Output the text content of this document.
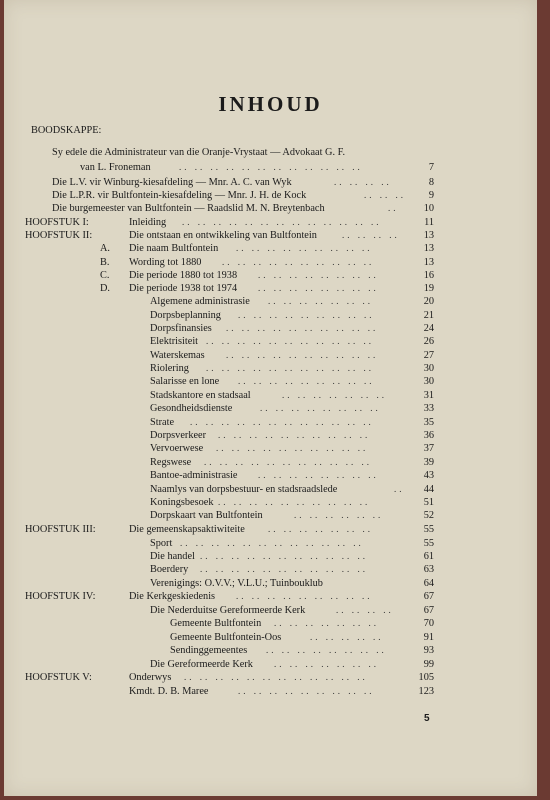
INHOUD
BOODSKAPPE:
Sy edele die Administrateur van die Oranje-Vrystaat — Advokaat G. F.
van L. Froneman	.. .. .. .. .. .. .. .. .. .. .. ..	7
Die L.V. vir Winburg-kiesafdeling — Mnr. A. C. van Wyk	.. .. .. ..	8
Die L.P.R. vir Bultfontein-kiesafdeling — Mnr. J. H. de Kock	.. .. ..	9
Die burgemeester van Bultfontein — Raadslid M. N. Breytenbach	..	10
HOOFSTUK I:	Inleiding .. .. .. .. .. .. .. .. .. .. .. .. ..	11
HOOFSTUK II:	Die ontstaan en ontwikkeling van Bultfontein	.. .. .. ..	13
A. Die naam Bultfontein .. .. .. .. .. .. .. .. ..	13
B. Wording tot 1880 .. .. .. .. .. .. .. .. .. ..	13
C. Die periode 1880 tot 1938 .. .. .. .. .. .. .. ..	16
D. Die periode 1938 tot 1974 .. .. .. .. .. .. .. ..	19
Algemene administrasie .. .. .. .. .. .. ..	20
Dorpsbeplanning .. .. .. .. .. .. .. .. ..	21
Dorpsfinansies .. .. .. .. .. .. .. .. .. ..	24
Elektrisiteit .. .. .. .. .. .. .. .. .. .. ..	26
Waterskemas .. .. .. .. .. .. .. .. .. ..	27
Riolering .. .. .. .. .. .. .. .. .. .. ..	30
Salarisse en lone .. .. .. .. .. .. .. .. ..	30
Stadskantore en stadsaal	.. .. .. .. .. .. ..	31
Gesondheidsdienste	.. .. .. .. .. .. .. ..	33
Strate .. .. .. .. .. .. .. .. .. .. .. ..	35
Dorpsverkeer .. .. .. .. .. .. .. .. .. ..	36
Vervoerwese .. .. .. .. .. .. .. .. .. ..	37
Regswese .. .. .. .. .. .. .. .. .. .. ..	39
Bantoe-administrasie .. .. .. .. .. .. .. ..	43
Naamlys van dorpsbestuur- en stadsraadslede	..	44
Koningsbesoek .. .. .. .. .. .. .. .. .. ..	51
Dorpskaart van Bultfontein	.. .. .. .. .. ..	52
HOOFSTUK III:	Die gemeenskapsaktiwiteite	.. .. .. .. .. .. ..	55
Sport .. .. .. .. .. .. .. .. .. .. .. ..	55
Die handel .. .. .. .. .. .. .. .. .. .. ..	61
Boerdery .. .. .. .. .. .. .. .. .. .. ..	63
Verenigings: O.V.V.; V.L.U.; Tuinbouklub	64
HOOFSTUK IV:	Die Kerkgeskiedenis .. .. .. .. .. .. .. .. ..	67
Die Nederduitse Gereformeerde Kerk	.. .. .. ..	67
Gemeente Bultfontein .. .. .. .. .. .. ..	70
Gemeente Bultfontein-Oos	.. .. .. .. ..	91
Sendinggemeentes .. .. .. .. .. .. .. ..	93
Die Gereformeerde Kerk .. .. .. .. .. .. ..	99
HOOFSTUK V:	Onderwys .. .. .. .. .. .. .. .. .. .. .. ..	105
Kmdt. D. B. Maree	.. .. .. .. .. .. .. .. ..	123
5
